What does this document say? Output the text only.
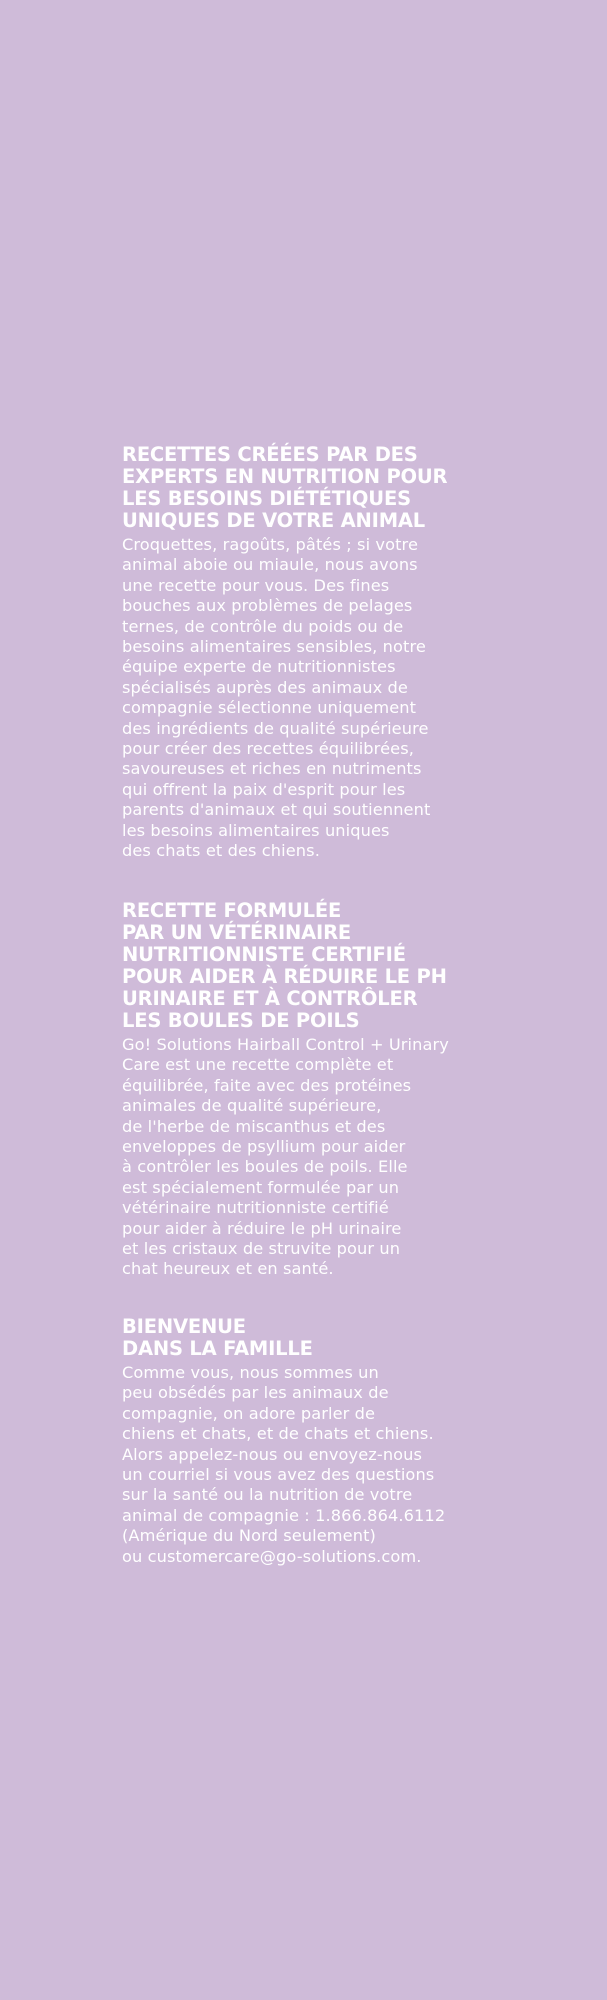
RECETTES CRÉÉES PAR DES
EXPERTS EN NUTRITION POUR
LES BESOINS DIÉTÉTIQUES
UNIQUES DE VOTRE ANIMAL

Croquettes, ragoûts, pâtés ; si votre
animal aboie ou miaule, nous avons
une recette pour vous. Des fines
bouches aux problèmes de pelages
ternes, de contrôle du poids ou de
besoins alimentaires sensibles, notre
équipe experte de nutritionnistes
spécialisés auprès des animaux de
compagnie sélectionne uniquement
des ingrédients de qualité supérieure
pour créer des recettes équilibrées,
savoureuses et riches en nutriments
qui offrent la paix d'esprit pour les
parents d'animaux et qui soutiennent
les besoins alimentaires uniques
des chats et des chiens.

RECETTE FORMULÉE
PAR UN VÉTÉRINAIRE
NUTRITIONNISTE CERTIFIÉ
POUR AIDER À RÉDUIRE LE PH
URINAIRE ET À CONTRÔLER
LES BOULES DE POILS

Go! Solutions Hairball Control + Urinary
Care est une recette complète et
équilibrée, faite avec des protéines
animales de qualité supérieure,
de l'herbe de miscanthus et des
enveloppes de psyllium pour aider
à contrôler les boules de poils. Elle
est spécialement formulée par un
vétérinaire nutritionniste certifié
pour aider à réduire le pH urinaire
et les cristaux de struvite pour un
chat heureux et en santé.

BIENVENUE
DANS LA FAMILLE

Comme vous, nous sommes un
peu obsédés par les animaux de
compagnie, on adore parler de
chiens et chats, et de chats et chiens.
Alors appelez-nous ou envoyez-nous
un courriel si vous avez des questions
sur la santé ou la nutrition de votre
animal de compagnie : 1.866.864.6112
(Amérique du Nord seulement)
ou customercare@go-solutions.com.
